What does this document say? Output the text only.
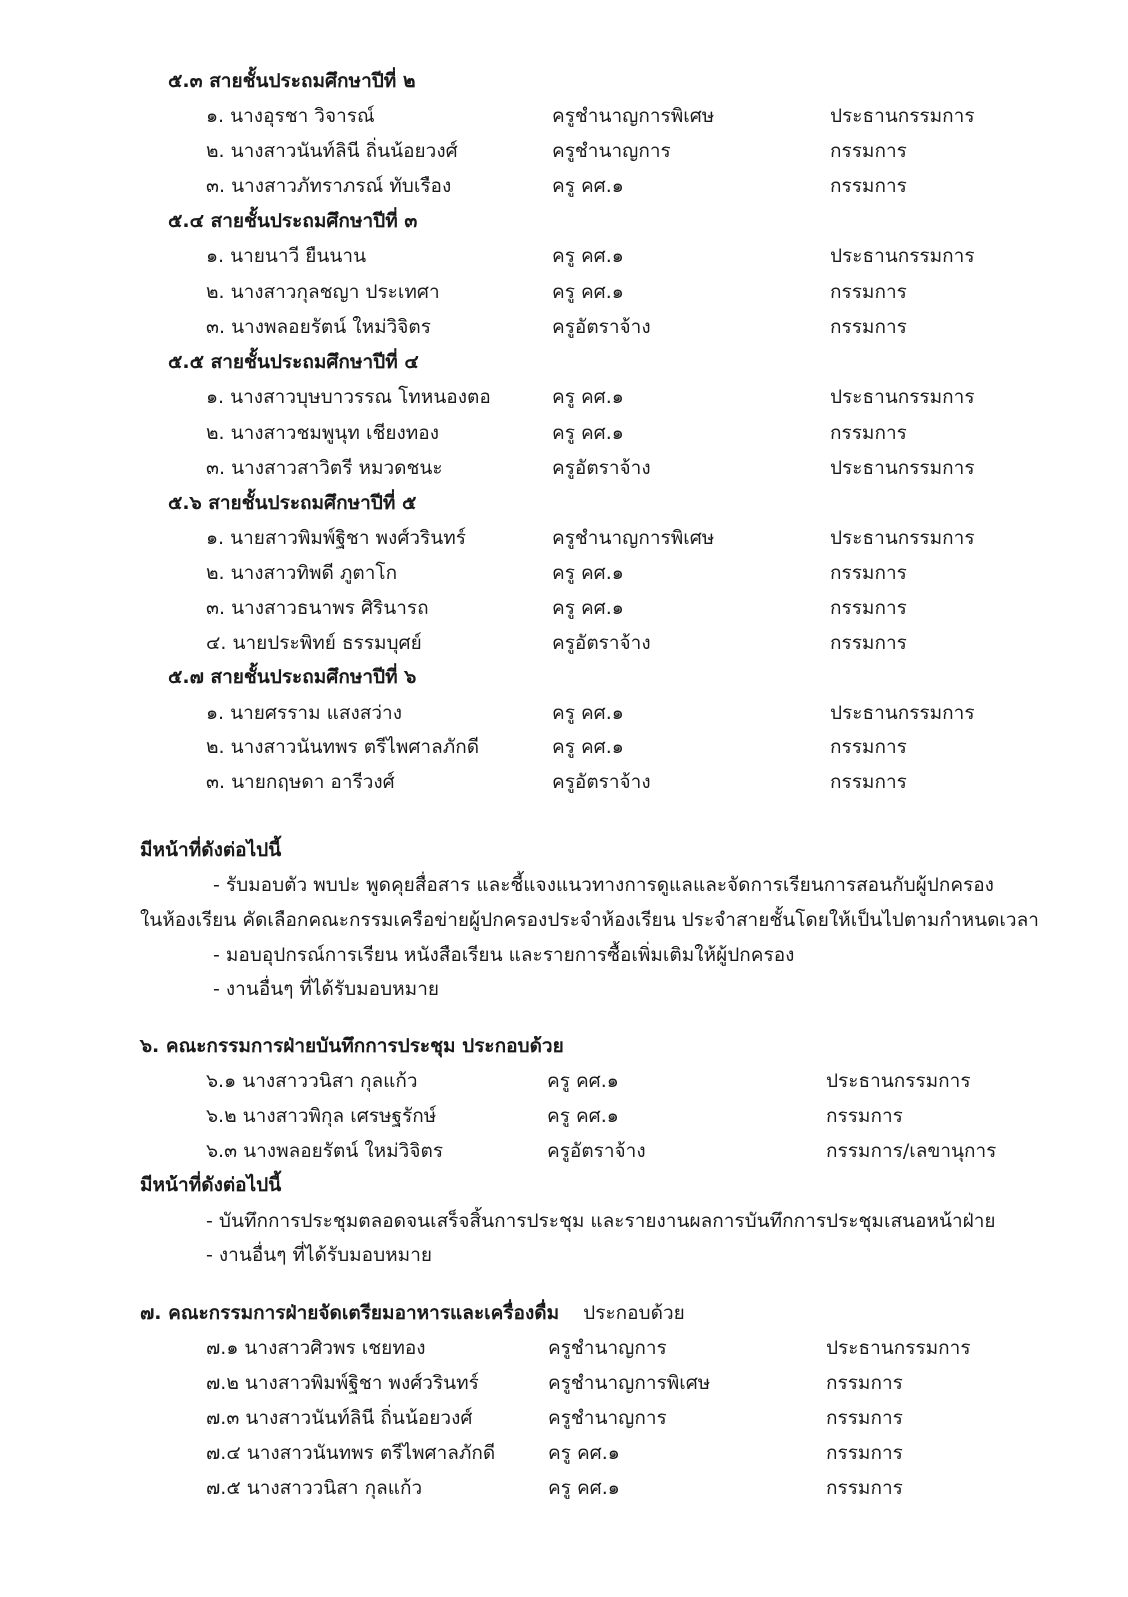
๕.๓ สายชั้นประถมศึกษาปีที่ ๒
๑. นางอุรชา วิจารณ์	ครูชำนาญการพิเศษ	ประธานกรรมการ
๒. นางสาวนันท์ลินี ถิ่นน้อยวงศ์	ครูชำนาญการ	กรรมการ
๓. นางสาวภัทราภรณ์ ทับเรือง	ครู คศ.๑	กรรมการ
๕.๔ สายชั้นประถมศึกษาปีที่ ๓
๑. นายนาวี ยืนนาน	ครู คศ.๑	ประธานกรรมการ
๒. นางสาวกุลชญา ประเทศา	ครู คศ.๑	กรรมการ
๓. นางพลอยรัตน์ ใหม่วิจิตร	ครูอัตราจ้าง	กรรมการ
๕.๕ สายชั้นประถมศึกษาปีที่ ๔
๑. นางสาวบุษบาวรรณ โทหนองตอ	ครู คศ.๑	ประธานกรรมการ
๒. นางสาวชมพูนุท เชียงทอง	ครู คศ.๑	กรรมการ
๓. นางสาวสาวิตรี หมวดชนะ	ครูอัตราจ้าง	ประธานกรรมการ
๕.๖ สายชั้นประถมศึกษาปีที่ ๕
๑. นายสาวพิมพ์ฐิชา พงศ์วรินทร์	ครูชำนาญการพิเศษ	ประธานกรรมการ
๒. นางสาวทิพดี ภูตาโก	ครู คศ.๑	กรรมการ
๓. นางสาวธนาพร ศิรินารถ	ครู คศ.๑	กรรมการ
๔. นายประพิทย์ ธรรมบุศย์	ครูอัตราจ้าง	กรรมการ
๕.๗ สายชั้นประถมศึกษาปีที่ ๖
๑. นายศรราม แสงสว่าง	ครู คศ.๑	ประธานกรรมการ
๒. นางสาวนันทพร ตรีไพศาลภักดี	ครู คศ.๑	กรรมการ
๓. นายกฤษดา อารีวงศ์	ครูอัตราจ้าง	กรรมการ
มีหน้าที่ดังต่อไปนี้
- รับมอบตัว พบปะ พูดคุยสื่อสาร และชี้แจงแนวทางการดูแลและจัดการเรียนการสอนกับผู้ปกครอง
ในห้องเรียน คัดเลือกคณะกรรมเครือข่ายผู้ปกครองประจำห้องเรียน ประจำสายชั้นโดยให้เป็นไปตามกำหนดเวลา
- มอบอุปกรณ์การเรียน หนังสือเรียน และรายการซื้อเพิ่มเติมให้ผู้ปกครอง
- งานอื่นๆ ที่ได้รับมอบหมาย
๖. คณะกรรมการฝ่ายบันทึกการประชุม ประกอบด้วย
๖.๑ นางสาววนิสา กุลแก้ว	ครู คศ.๑	ประธานกรรมการ
๖.๒ นางสาวพิกุล เศรษฐรักษ์	ครู คศ.๑	กรรมการ
๖.๓ นางพลอยรัตน์ ใหม่วิจิตร	ครูอัตราจ้าง	กรรมการ/เลขานุการ
มีหน้าที่ดังต่อไปนี้
- บันทึกการประชุมตลอดจนเสร็จสิ้นการประชุม และรายงานผลการบันทึกการประชุมเสนอหน้าฝ่าย
- งานอื่นๆ ที่ได้รับมอบหมาย
๗. คณะกรรมการฝ่ายจัดเตรียมอาหารและเครื่องดื่ม ประกอบด้วย
๗.๑ นางสาวศิวพร เชยทอง	ครูชำนาญการ	ประธานกรรมการ
๗.๒ นางสาวพิมพ์ฐิชา พงศ์วรินทร์	ครูชำนาญการพิเศษ	กรรมการ
๗.๓ นางสาวนันท์ลินี ถิ่นน้อยวงศ์	ครูชำนาญการ	กรรมการ
๗.๔ นางสาวนันทพร ตรีไพศาลภักดี	ครู คศ.๑	กรรมการ
๗.๕ นางสาววนิสา กุลแก้ว	ครู คศ.๑	กรรมการ
